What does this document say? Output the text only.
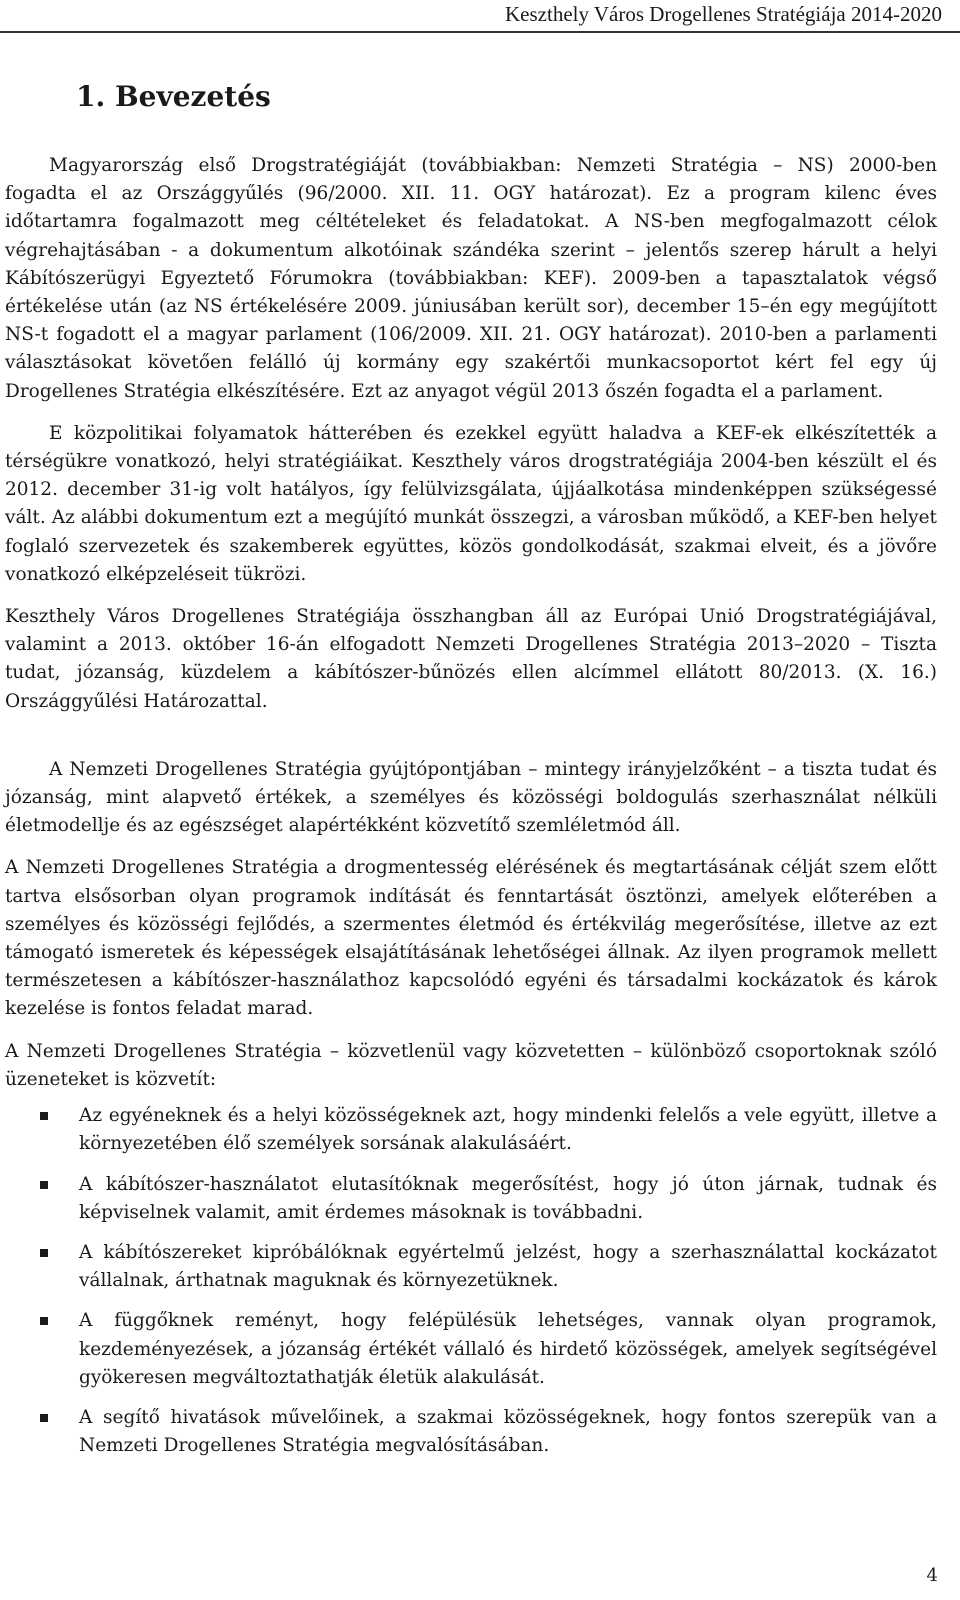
Keszthely Város Drogellenes Stratégiája 2014-2020
1. Bevezetés

Magyarország első Drogstratégiáját (továbbiakban: Nemzeti Stratégia – NS) 2000-ben fogadta el az Országgyűlés (96/2000. XII. 11. OGY határozat). Ez a program kilenc éves időtartamra fogalmazott meg céltételeket és feladatokat. A NS-ben megfogalmazott célok végrehajtásában - a dokumentum alkotóinak szándéka szerint – jelentős szerep hárult a helyi Kábítószerügyi Egyeztető Fórumokra (továbbiakban: KEF). 2009-ben a tapasztalatok végső értékelése után (az NS értékelésére 2009. júniusában került sor), december 15–én egy megújított NS-t fogadott el a magyar parlament (106/2009. XII. 21. OGY határozat). 2010-ben a parlamenti választásokat követően felálló új kormány egy szakértői munkacsoportot kért fel egy új Drogellenes Stratégia elkészítésére. Ezt az anyagot végül 2013 őszén fogadta el a parlament.

E közpolitikai folyamatok hátterében és ezekkel együtt haladva a KEF-ek elkészítették a térségükre vonatkozó, helyi stratégiáikat. Keszthely város drogstratégiája 2004-ben készült el és 2012. december 31-ig volt hatályos, így felülvizsgálata, újjáalkotása mindenképpen szükségessé vált. Az alábbi dokumentum ezt a megújító munkát összegzi, a városban működő, a KEF-ben helyet foglaló szervezetek és szakemberek együttes, közös gondolkodását, szakmai elveit, és a jövőre vonatkozó elképzeléseit tükrözi.

Keszthely Város Drogellenes Stratégiája összhangban áll az Európai Unió Drogstratégiájával, valamint a 2013. október 16-án elfogadott Nemzeti Drogellenes Stratégia 2013–2020 – Tiszta tudat, józanság, küzdelem a kábítószer-bűnözés ellen alcímmel ellátott 80/2013. (X. 16.) Országgyűlési Határozattal.

A Nemzeti Drogellenes Stratégia gyújtópontjában – mintegy irányjelzőként – a tiszta tudat és józanság, mint alapvető értékek, a személyes és közösségi boldogulás szerhasználat nélküli életmodellje és az egészséget alapértékként közvetítő szemléletmód áll.

A Nemzeti Drogellenes Stratégia a drogmentesség elérésének és megtartásának célját szem előtt tartva elsősorban olyan programok indítását és fenntartását ösztönzi, amelyek előterében a személyes és közösségi fejlődés, a szermentes életmód és értékvilág megerősítése, illetve az ezt támogató ismeretek és képességek elsajátításának lehetőségei állnak. Az ilyen programok mellett természetesen a kábítószer-használathoz kapcsolódó egyéni és társadalmi kockázatok és károk kezelése is fontos feladat marad.

A Nemzeti Drogellenes Stratégia – közvetlenül vagy közvetetten – különböző csoportoknak szóló üzeneteket is közvetít:

Az egyéneknek és a helyi közösségeknek azt, hogy mindenki felelős a vele együtt, illetve a környezetében élő személyek sorsának alakulásáért.
A kábítószer-használatot elutasítóknak megerősítést, hogy jó úton járnak, tudnak és képviselnek valamit, amit érdemes másoknak is továbbadni.
A kábítószereket kipróbálóknak egyértelmű jelzést, hogy a szerhasználattal kockázatot vállalnak, árthatnak maguknak és környezetüknek.
A függőknek reményt, hogy felépülésük lehetséges, vannak olyan programok, kezdeményezések, a józanság értékét vállaló és hirdető közösségek, amelyek segítségével gyökeresen megváltoztathatják életük alakulását.
A segítő hivatások művelőinek, a szakmai közösségeknek, hogy fontos szerepük van a Nemzeti Drogellenes Stratégia megvalósításában.
4
